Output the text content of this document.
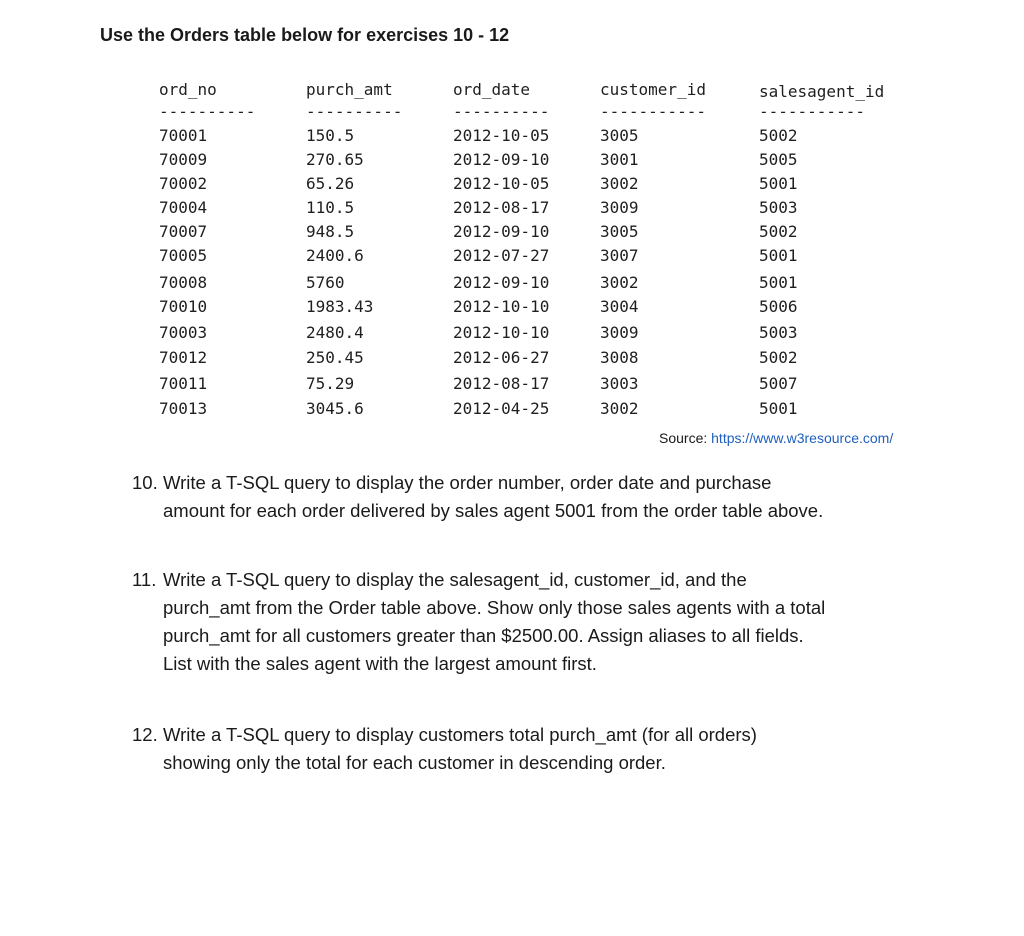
Use the Orders table below for exercises 10 - 12
ord_no	purch_amt	ord_date	customer_id	salesagent_id
----------	----------	----------	-----------	-----------
70001	150.5	2012-10-05	3005	5002
70009	270.65	2012-09-10	3001	5005
70002	65.26	2012-10-05	3002	5001
70004	110.5	2012-08-17	3009	5003
70007	948.5	2012-09-10	3005	5002
70005	2400.6	2012-07-27	3007	5001
70008	5760	2012-09-10	3002	5001
70010	1983.43	2012-10-10	3004	5006
70003	2480.4	2012-10-10	3009	5003
70012	250.45	2012-06-27	3008	5002
70011	75.29	2012-08-17	3003	5007
70013	3045.6	2012-04-25	3002	5001
Source: https://www.w3resource.com/
10. Write a T-SQL query to display the order number, order date and purchase
amount for each order delivered by sales agent 5001 from the order table above.
11. Write a T-SQL query to display the salesagent_id, customer_id, and the
purch_amt from the Order table above. Show only those sales agents with a total
purch_amt for all customers greater than $2500.00. Assign aliases to all fields.
List with the sales agent with the largest amount first.
12. Write a T-SQL query to display customers total purch_amt (for all orders)
showing only the total for each customer in descending order.
